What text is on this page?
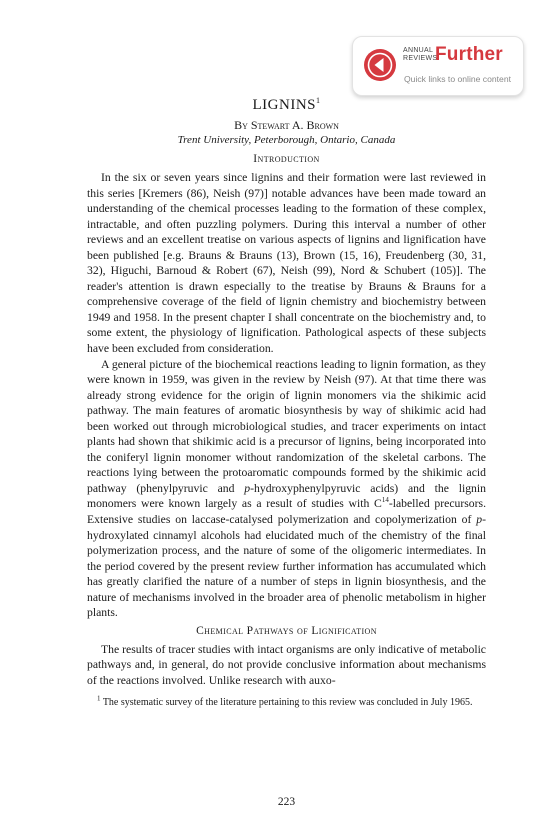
ANNUAL
REVIEWS
Further
Quick links to online content
LIGNINS$^1$
By Stewart A. Brown
Trent University, Peterborough, Ontario, Canada
Introduction

In the six or seven years since lignins and their formation were last reviewed in this series [Kremers (86), Neish (97)] notable advances have been made toward an understanding of the chemical processes leading to the formation of these complex, intractable, and often puzzling polymers. During this interval a number of other reviews and an excellent treatise on various aspects of lignins and lignification have been published [e.g. Brauns & Brauns (13), Brown (15, 16), Freudenberg (30, 31, 32), Higuchi, Barnoud & Robert (67), Neish (99), Nord & Schubert (105)]. The reader's attention is drawn especially to the treatise by Brauns & Brauns for a comprehensive coverage of the field of lignin chemistry and biochemistry between 1949 and 1958. In the present chapter I shall concentrate on the biochemistry and, to some extent, the physiology of lignification. Pathological aspects of these subjects have been excluded from consideration.

A general picture of the biochemical reactions leading to lignin formation, as they were known in 1959, was given in the review by Neish (97). At that time there was already strong evidence for the origin of lignin monomers via the shikimic acid pathway. The main features of aromatic biosynthesis by way of shikimic acid had been worked out through microbiological studies, and tracer experiments on intact plants had shown that shikimic acid is a precursor of lignins, being incorporated into the coniferyl lignin monomer without randomization of the skeletal carbons. The reactions lying between the protoaromatic compounds formed by the shikimic acid pathway (phenylpyruvic and p-hydroxyphenylpyruvic acids) and the lignin monomers were known largely as a result of studies with $C^{14}$-labelled precursors. Extensive studies on laccase-catalysed polymerization and copolymerization of p-hydroxylated cinnamyl alcohols had elucidated much of the chemistry of the final polymerization process, and the nature of some of the oligomeric intermediates. In the period covered by the present review further information has accumulated which has greatly clarified the nature of a number of steps in lignin biosynthesis, and the nature of mechanisms involved in the broader area of phenolic metabolism in higher plants.

Chemical Pathways of Lignification

The results of tracer studies with intact organisms are only indicative of metabolic pathways and, in general, do not provide conclusive information about mechanisms of the reactions involved. Unlike research with auxo-

$^1$ The systematic survey of the literature pertaining to this review was concluded in July 1965.
223
